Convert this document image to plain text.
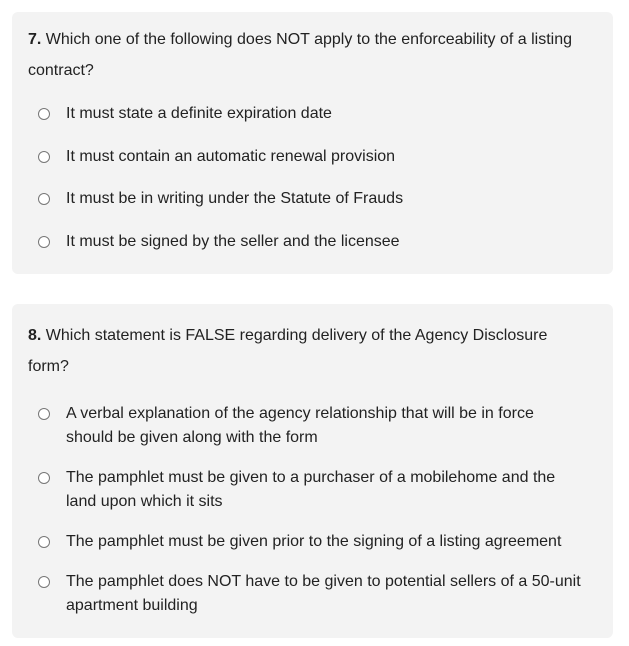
7. Which one of the following does NOT apply to the enforceability of a listing contract?

It must state a definite expiration date
It must contain an automatic renewal provision
It must be in writing under the Statute of Frauds
It must be signed by the seller and the licensee

8. Which statement is FALSE regarding delivery of the Agency Disclosure form?

A verbal explanation of the agency relationship that will be in force should be given along with the form
The pamphlet must be given to a purchaser of a mobilehome and the land upon which it sits
The pamphlet must be given prior to the signing of a listing agreement
The pamphlet does NOT have to be given to potential sellers of a 50-unit apartment building
